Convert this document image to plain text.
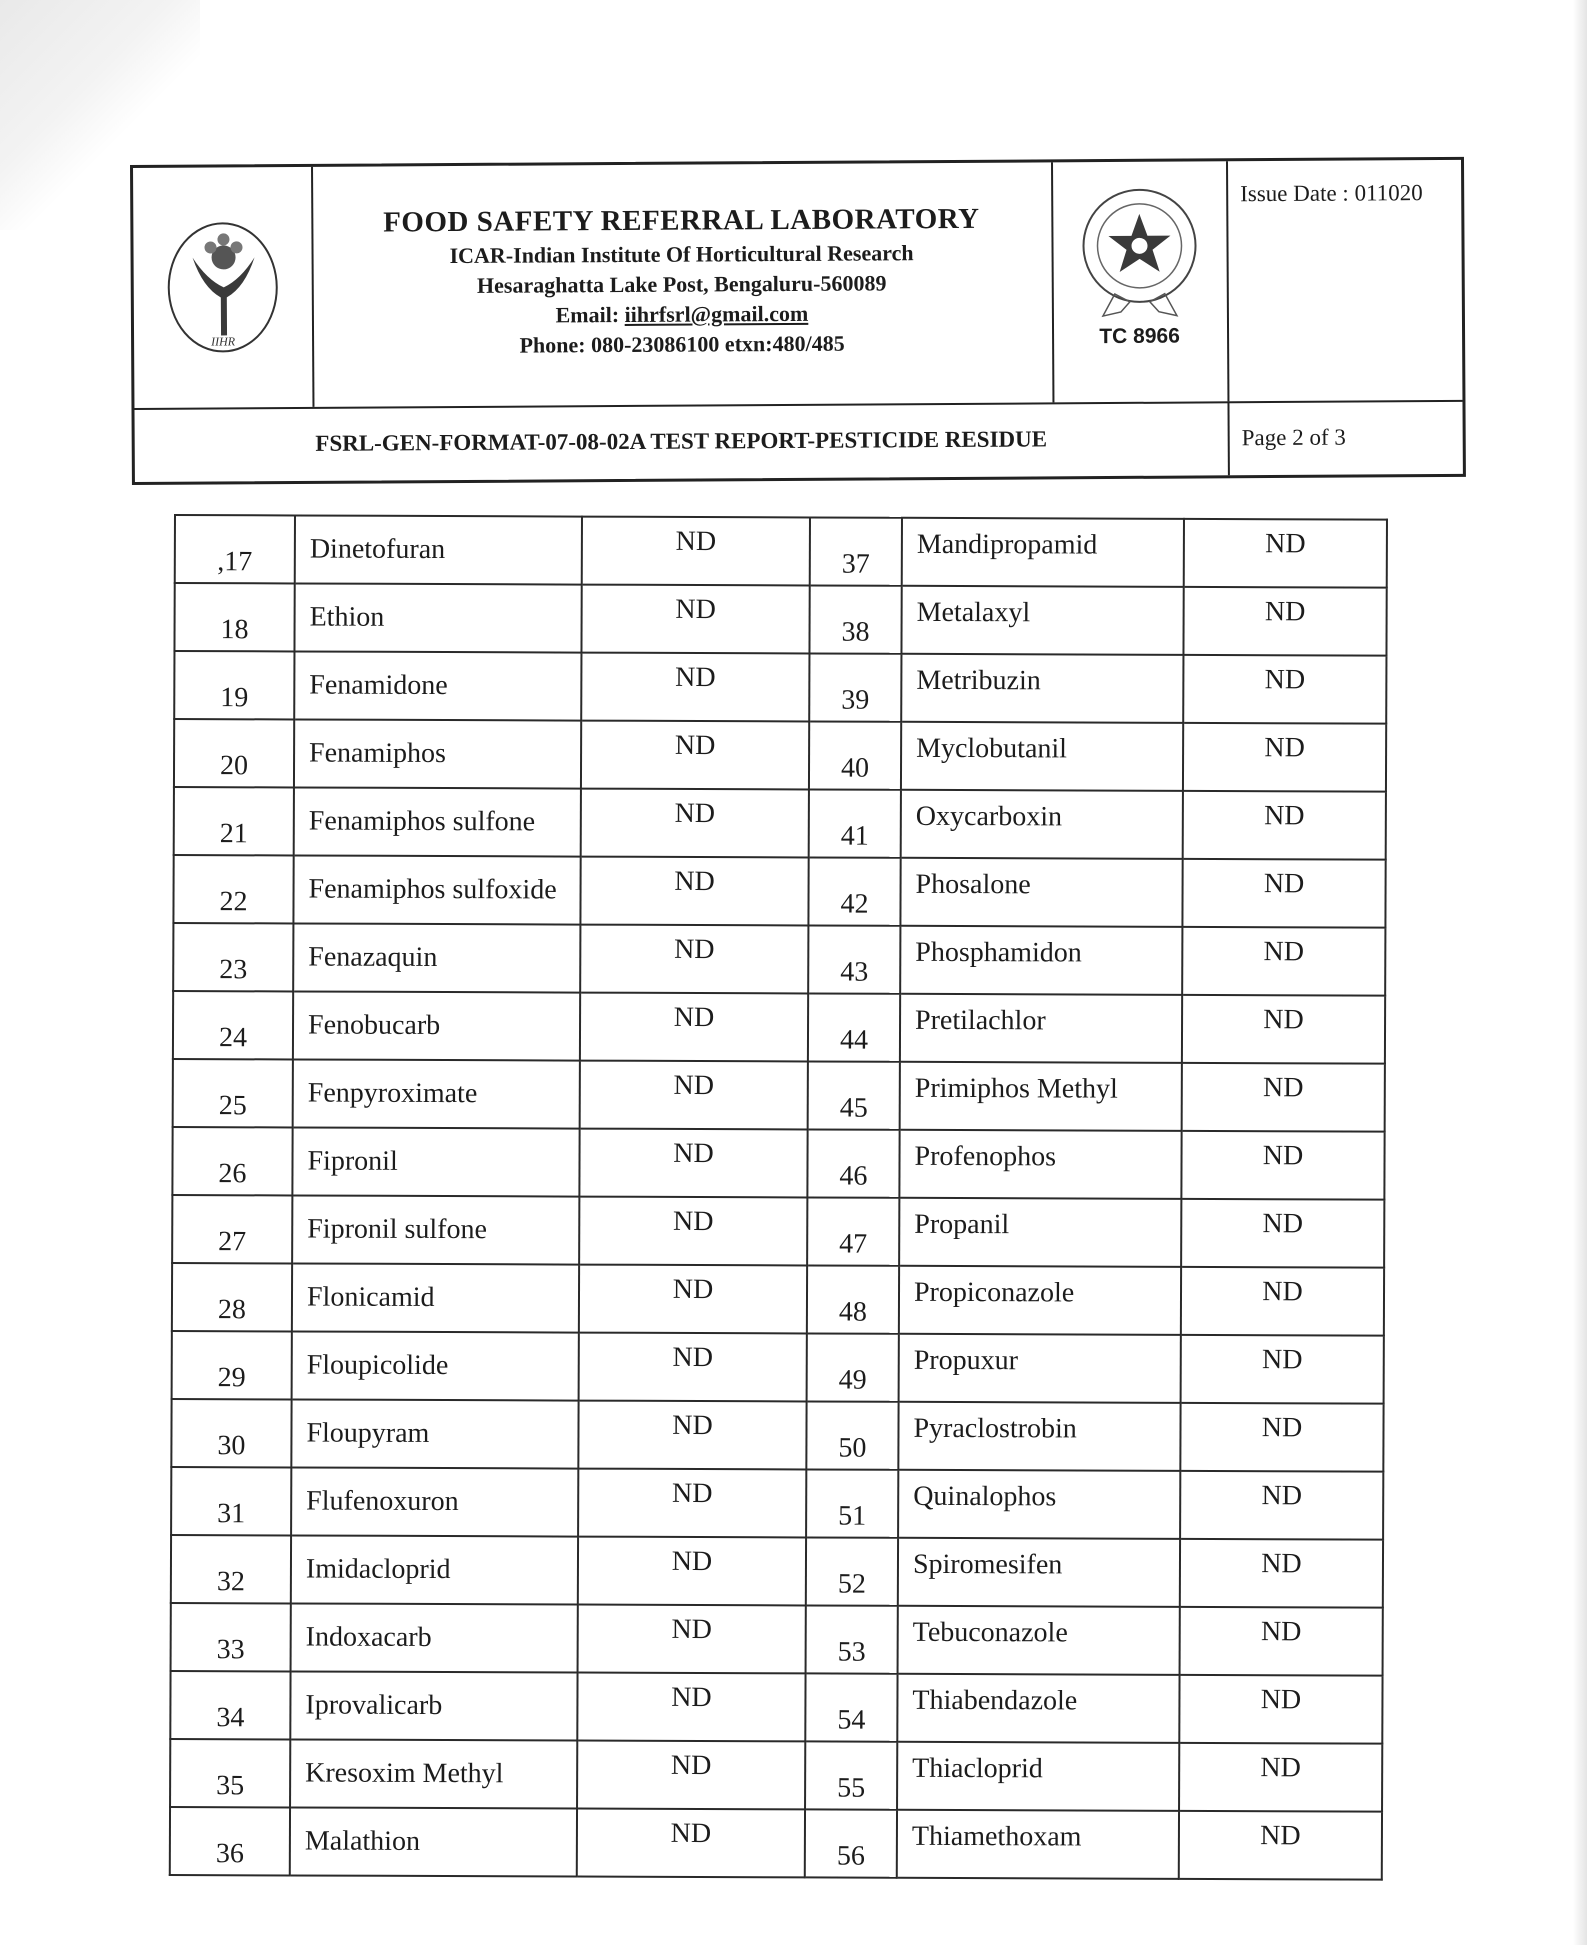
IIHR
FOOD SAFETY REFERRAL LABORATORY
ICAR-Indian Institute Of Horticultural Research
Hesaraghatta Lake Post, Bengaluru-560089
Email: iihrfsrl@gmail.com
Phone: 080-23086100 etxn:480/485	TC 8966
Issue Date : 011020
FSRL-GEN-FORMAT-07-08-02A TEST REPORT-PESTICIDE RESIDUE	Page 2 of 3
,17	Dinetofuran	ND	37	Mandipropamid	ND
18	Ethion	ND	38	Metalaxyl	ND
19	Fenamidone	ND	39	Metribuzin	ND
20	Fenamiphos	ND	40	Myclobutanil	ND
21	Fenamiphos sulfone	ND	41	Oxycarboxin	ND
22	Fenamiphos sulfoxide	ND	42	Phosalone	ND
23	Fenazaquin	ND	43	Phosphamidon	ND
24	Fenobucarb	ND	44	Pretilachlor	ND
25	Fenpyroximate	ND	45	Primiphos Methyl	ND
26	Fipronil	ND	46	Profenophos	ND
27	Fipronil sulfone	ND	47	Propanil	ND
28	Flonicamid	ND	48	Propiconazole	ND
29	Floupicolide	ND	49	Propuxur	ND
30	Floupyram	ND	50	Pyraclostrobin	ND
31	Flufenoxuron	ND	51	Quinalophos	ND
32	Imidacloprid	ND	52	Spiromesifen	ND
33	Indoxacarb	ND	53	Tebuconazole	ND
34	Iprovalicarb	ND	54	Thiabendazole	ND
35	Kresoxim Methyl	ND	55	Thiacloprid	ND
36	Malathion	ND	56	Thiamethoxam	ND
